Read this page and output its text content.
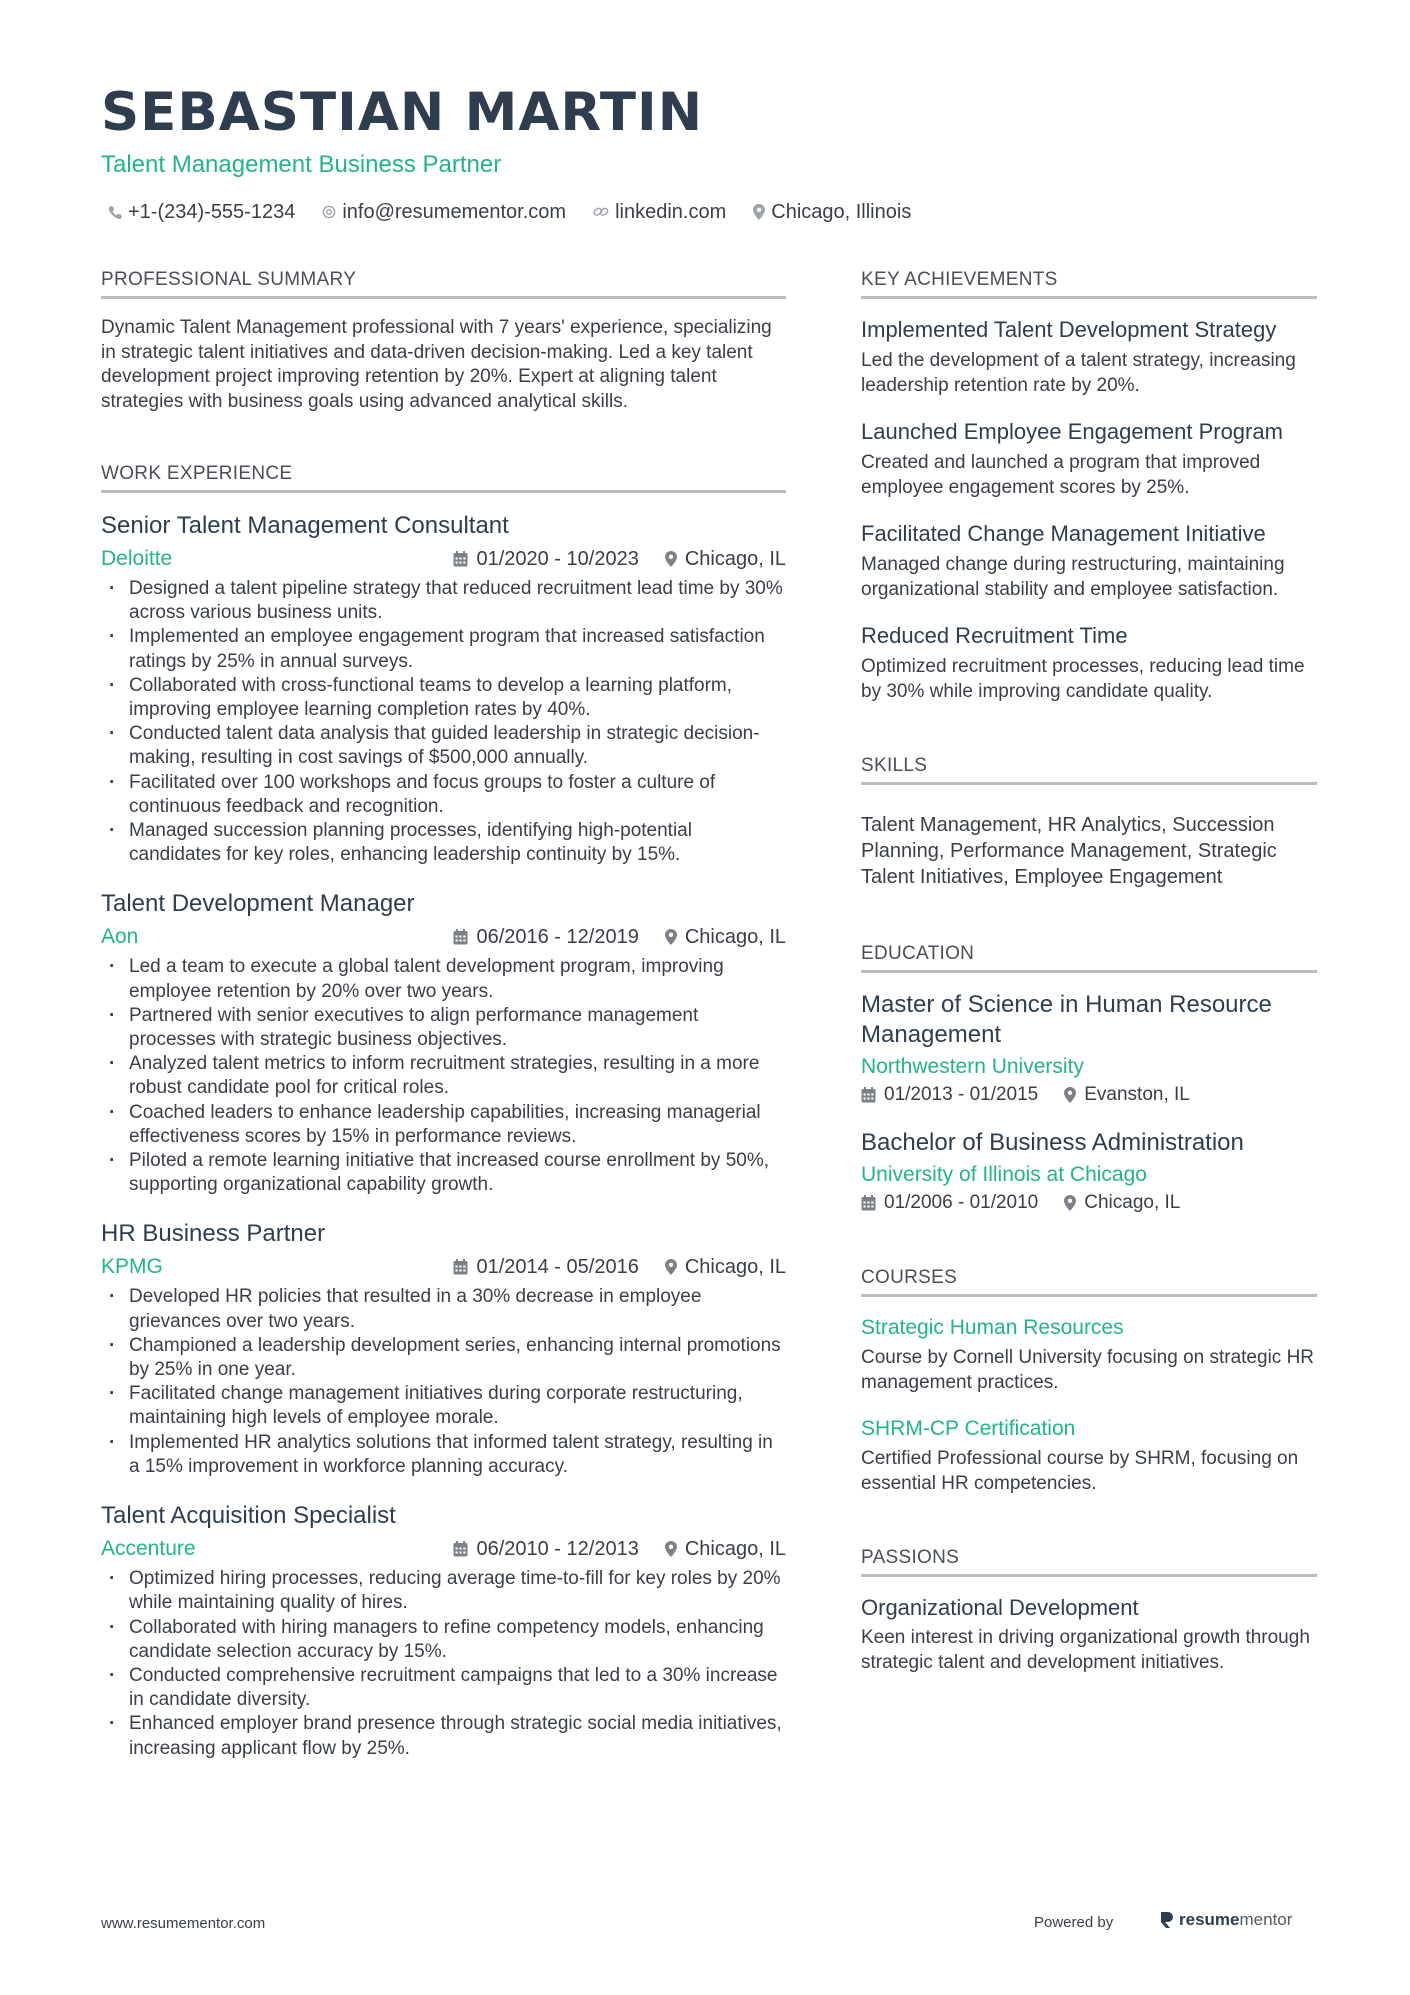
SEBASTIAN MARTIN
Talent Management Business Partner
+1-(234)-555-1234 info@resumementor.com linkedin.com Chicago, Illinois
PROFESSIONAL SUMMARY
Dynamic Talent Management professional with 7 years' experience, specializing in strategic talent initiatives and data-driven decision-making. Led a key talent development project improving retention by 20%. Expert at aligning talent strategies with business goals using advanced analytical skills.
WORK EXPERIENCE
Senior Talent Management Consultant
Deloitte	01/2020 - 10/2023 Chicago, IL
· Designed a talent pipeline strategy that reduced recruitment lead time by 30% across various business units.
· Implemented an employee engagement program that increased satisfaction ratings by 25% in annual surveys.
· Collaborated with cross-functional teams to develop a learning platform, improving employee learning completion rates by 40%.
· Conducted talent data analysis that guided leadership in strategic decision-making, resulting in cost savings of $500,000 annually.
· Facilitated over 100 workshops and focus groups to foster a culture of continuous feedback and recognition.
· Managed succession planning processes, identifying high-potential candidates for key roles, enhancing leadership continuity by 15%.
Talent Development Manager
Aon	06/2016 - 12/2019 Chicago, IL
· Led a team to execute a global talent development program, improving employee retention by 20% over two years.
· Partnered with senior executives to align performance management processes with strategic business objectives.
· Analyzed talent metrics to inform recruitment strategies, resulting in a more robust candidate pool for critical roles.
· Coached leaders to enhance leadership capabilities, increasing managerial effectiveness scores by 15% in performance reviews.
· Piloted a remote learning initiative that increased course enrollment by 50%, supporting organizational capability growth.
HR Business Partner
KPMG	01/2014 - 05/2016 Chicago, IL
· Developed HR policies that resulted in a 30% decrease in employee grievances over two years.
· Championed a leadership development series, enhancing internal promotions by 25% in one year.
· Facilitated change management initiatives during corporate restructuring, maintaining high levels of employee morale.
· Implemented HR analytics solutions that informed talent strategy, resulting in a 15% improvement in workforce planning accuracy.
Talent Acquisition Specialist
Accenture	06/2010 - 12/2013 Chicago, IL
· Optimized hiring processes, reducing average time-to-fill for key roles by 20% while maintaining quality of hires.
· Collaborated with hiring managers to refine competency models, enhancing candidate selection accuracy by 15%.
· Conducted comprehensive recruitment campaigns that led to a 30% increase in candidate diversity.
· Enhanced employer brand presence through strategic social media initiatives, increasing applicant flow by 25%.
KEY ACHIEVEMENTS
Implemented Talent Development Strategy
Led the development of a talent strategy, increasing leadership retention rate by 20%.
Launched Employee Engagement Program
Created and launched a program that improved employee engagement scores by 25%.
Facilitated Change Management Initiative
Managed change during restructuring, maintaining organizational stability and employee satisfaction.
Reduced Recruitment Time
Optimized recruitment processes, reducing lead time by 30% while improving candidate quality.
SKILLS
Talent Management, HR Analytics, Succession Planning, Performance Management, Strategic Talent Initiatives, Employee Engagement
EDUCATION
Master of Science in Human Resource Management
Northwestern University
01/2013 - 01/2015 Evanston, IL
Bachelor of Business Administration
University of Illinois at Chicago
01/2006 - 01/2010 Chicago, IL
COURSES
Strategic Human Resources
Course by Cornell University focusing on strategic HR management practices.
SHRM-CP Certification
Certified Professional course by SHRM, focusing on essential HR competencies.
PASSIONS
Organizational Development
Keen interest in driving organizational growth through strategic talent and development initiatives.
www.resumementor.com	Powered by	resume mentor
